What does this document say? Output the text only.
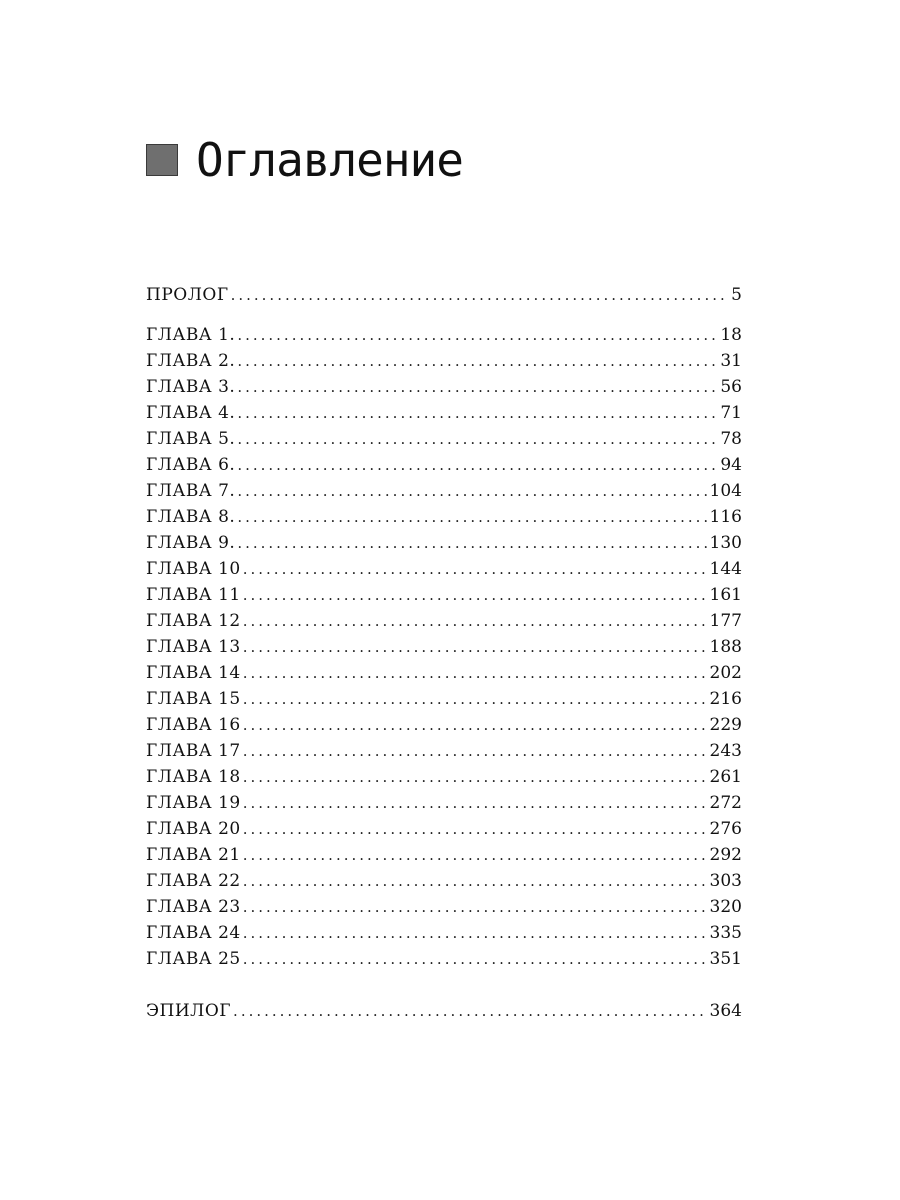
Оглавление
ПРОЛОГ .....	5
ГЛАВА 1. .....	18
ГЛАВА 2. .....	31
ГЛАВА 3. .....	56
ГЛАВА 4. .....	71
ГЛАВА 5. .....	78
ГЛАВА 6. .....	94
ГЛАВА 7. .....	104
ГЛАВА 8. .....	116
ГЛАВА 9. .....	130
ГЛАВА 10 .....	144
ГЛАВА 11 .....	161
ГЛАВА 12 .....	177
ГЛАВА 13 .....	188
ГЛАВА 14 .....	202
ГЛАВА 15 .....	216
ГЛАВА 16 .....	229
ГЛАВА 17 .....	243
ГЛАВА 18 .....	261
ГЛАВА 19 .....	272
ГЛАВА 20 .....	276
ГЛАВА 21 .....	292
ГЛАВА 22 .....	303
ГЛАВА 23 .....	320
ГЛАВА 24 .....	335
ГЛАВА 25 .....	351
ЭПИЛОГ .....	364
